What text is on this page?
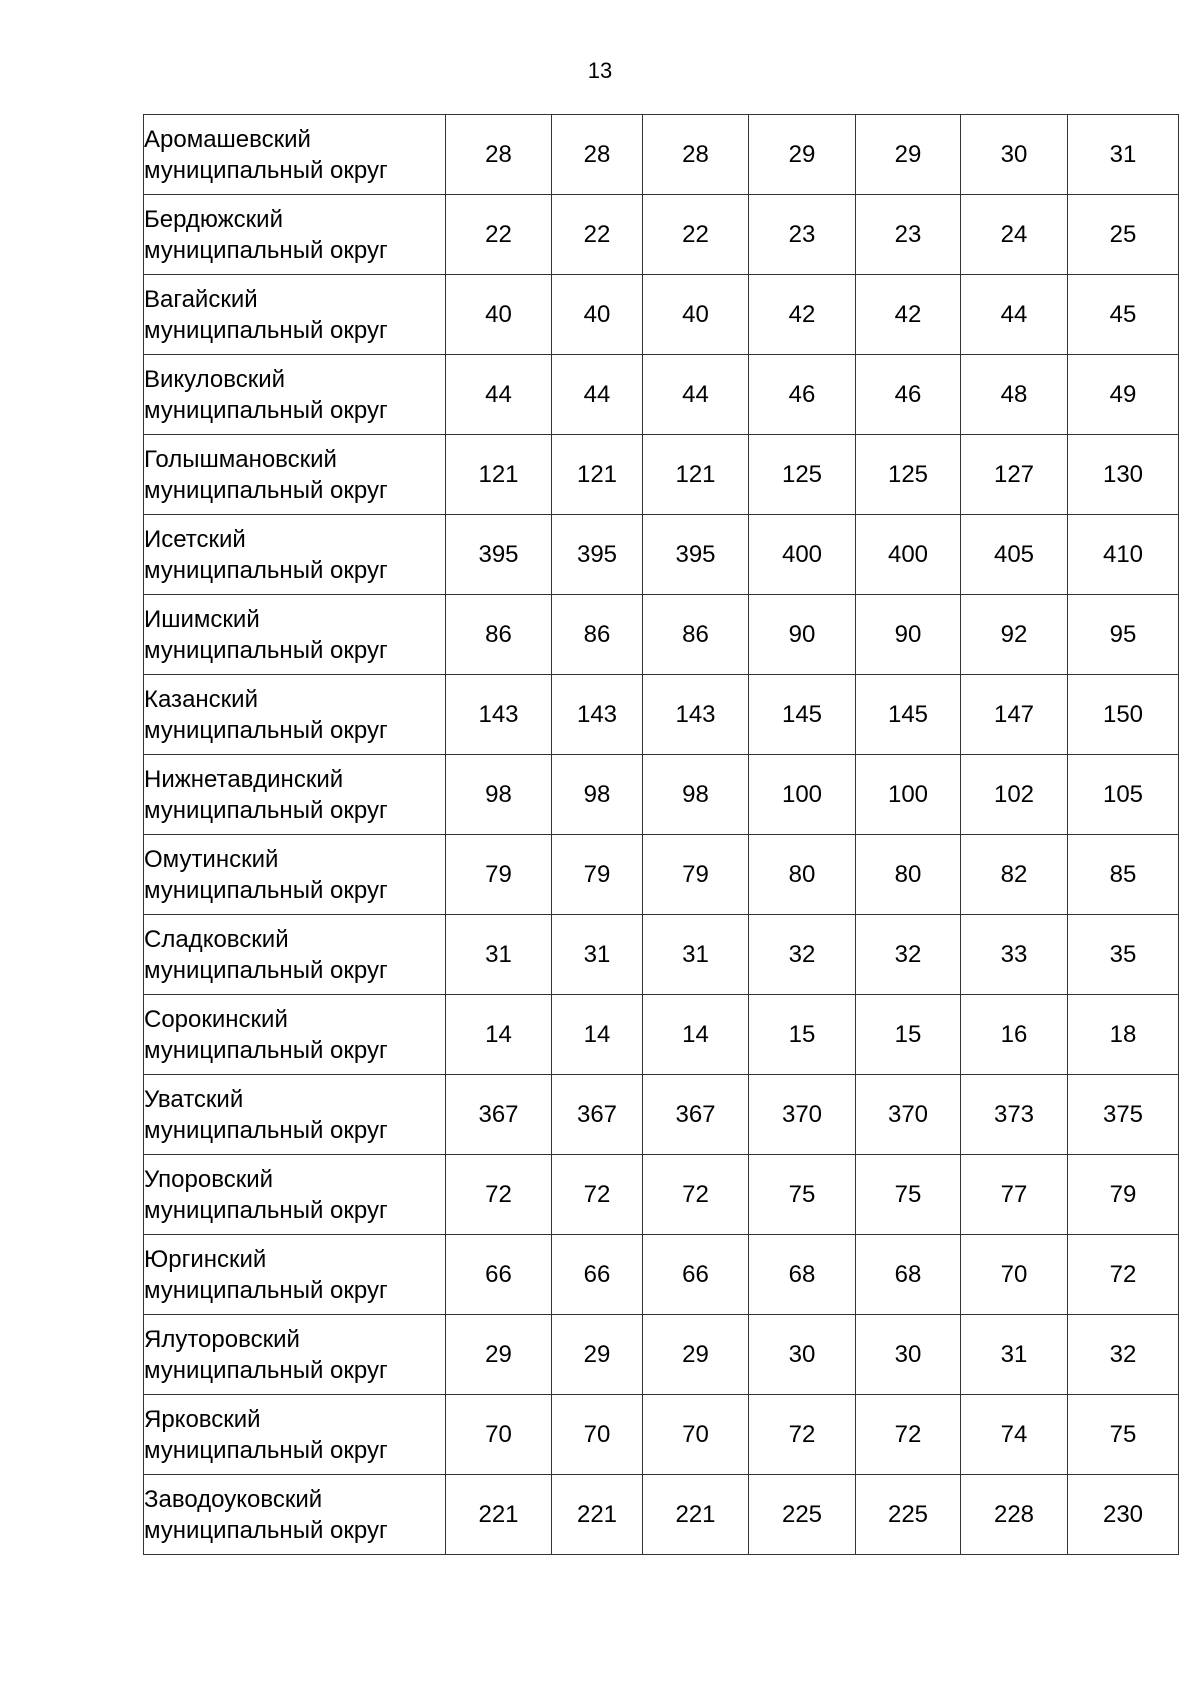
13
Аромашевский
муниципальный округ	28	28	28	29	29	30	31

Бердюжский
муниципальный округ	22	22	22	23	23	24	25

Вагайский
муниципальный округ	40	40	40	42	42	44	45

Викуловский
муниципальный округ	44	44	44	46	46	48	49

Голышмановский
муниципальный округ	121	121	121	125	125	127	130

Исетский
муниципальный округ	395	395	395	400	400	405	410

Ишимский
муниципальный округ	86	86	86	90	90	92	95

Казанский
муниципальный округ	143	143	143	145	145	147	150

Нижнетавдинский
муниципальный округ	98	98	98	100	100	102	105

Омутинский
муниципальный округ	79	79	79	80	80	82	85

Сладковский
муниципальный округ	31	31	31	32	32	33	35

Сорокинский
муниципальный округ	14	14	14	15	15	16	18

Уватский
муниципальный округ	367	367	367	370	370	373	375

Упоровский
муниципальный округ	72	72	72	75	75	77	79

Юргинский
муниципальный округ	66	66	66	68	68	70	72

Ялуторовский
муниципальный округ	29	29	29	30	30	31	32

Ярковский
муниципальный округ	70	70	70	72	72	74	75

Заводоуковский
муниципальный округ	221	221	221	225	225	228	230
